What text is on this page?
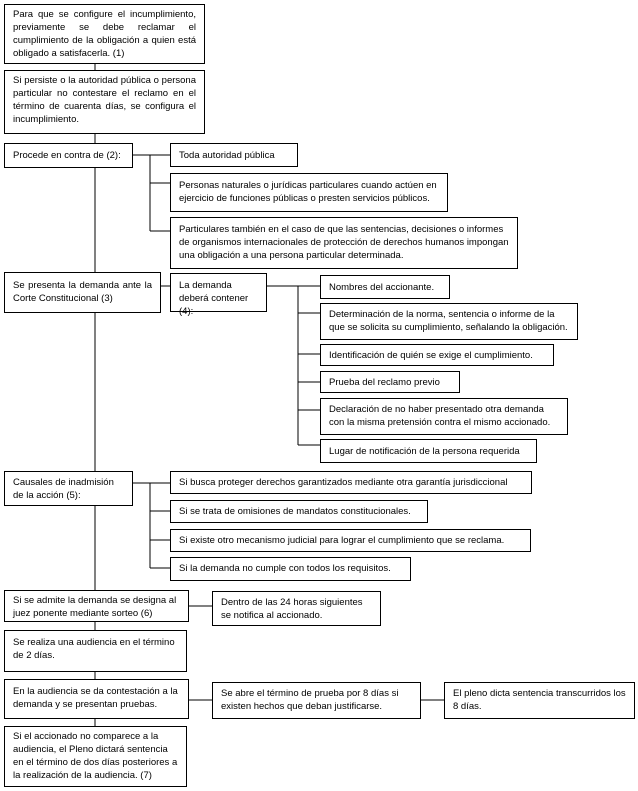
Para que se configure el incumplimiento, previamente se debe reclamar el cumplimiento de la obligación a quien está obligado a satisfacerla. (1)
Si persiste o la autoridad pública o persona particular no contestare el reclamo en el término de cuarenta días, se configura el incumplimiento.
Procede en contra de (2):
Se presenta la demanda ante la Corte Constitucional (3)
Causales de inadmisión de la acción (5):
Si se admite la demanda se designa al juez ponente mediante sorteo (6)
Se realiza una audiencia en el término de 2 días.
En la audiencia se da contestación a la demanda y se presentan pruebas.
Si el accionado no comparece a la audiencia, el Pleno dictará sentencia en el término de dos días posteriores a la realización de la audiencia. (7)
Toda autoridad pública
Personas naturales o jurídicas particulares cuando actúen en ejercicio de funciones públicas o presten servicios públicos.
Particulares también en el caso de que las sentencias, decisiones o informes de organismos internacionales de protección de derechos humanos impongan una obligación a una persona particular determinada.
La demanda deberá contener (4):
Nombres del accionante.
Determinación de la norma, sentencia o informe de la que se solicita su cumplimiento, señalando la obligación.
Identificación de quién se exige el cumplimiento.
Prueba del reclamo previo
Declaración de no haber presentado otra demanda con la misma pretensión contra el mismo accionado.
Lugar de notificación de la persona requerida
Si busca proteger derechos garantizados mediante otra garantía jurisdiccional
Si se trata de omisiones de mandatos constitucionales.
Si existe otro mecanismo judicial para lograr el cumplimiento que se reclama.
Si la demanda no cumple con todos los requisitos.
Dentro de las 24 horas siguientes se notifica al accionado.
Se abre el término de prueba por 8 días si existen hechos que deban justificarse.
El pleno dicta sentencia transcurridos los 8 días.
